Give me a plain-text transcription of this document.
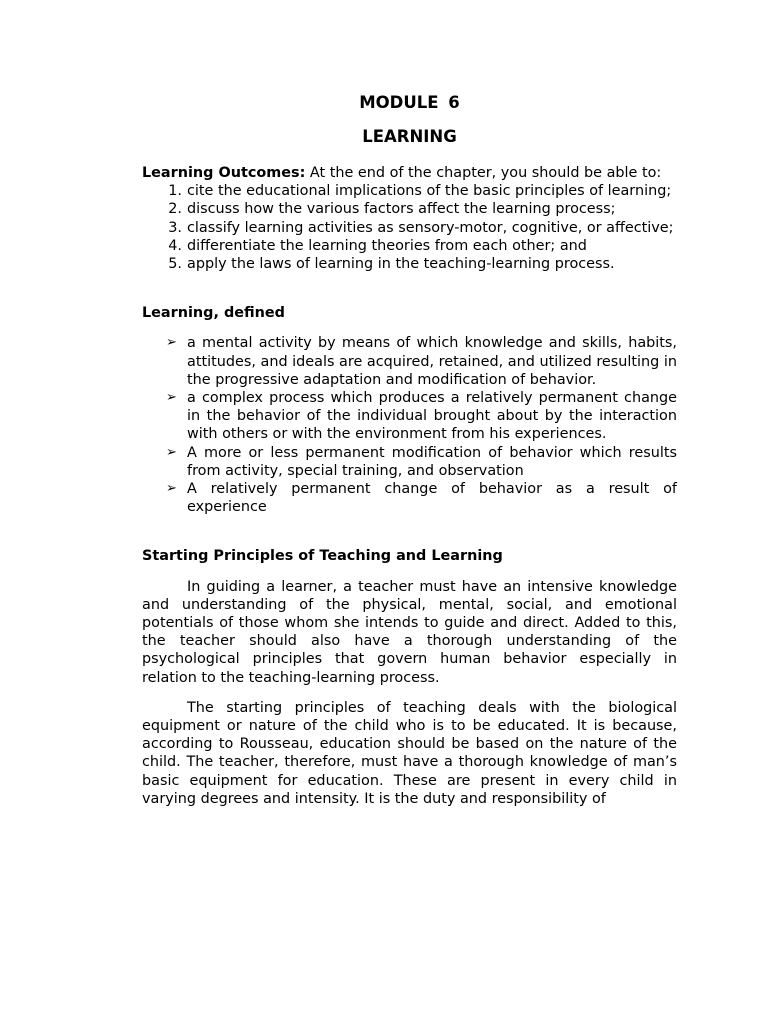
MODULE 6
LEARNING

Learning Outcomes: At the end of the chapter, you should be able to:

1. cite the educational implications of the basic principles of learning;
2. discuss how the various factors affect the learning process;
3. classify learning activities as sensory-motor, cognitive, or affective;
4. differentiate the learning theories from each other; and
5. apply the laws of learning in the teaching-learning process.

Learning, defined

➢ a mental activity by means of which knowledge and skills, habits, attitudes, and ideals are acquired, retained, and utilized resulting in the progressive adaptation and modification of behavior.
➢ a complex process which produces a relatively permanent change in the behavior of the individual brought about by the interaction with others or with the environment from his experiences.
➢ A more or less permanent modification of behavior which results from activity, special training, and observation
➢ A relatively permanent change of behavior as a result of experience

Starting Principles of Teaching and Learning

In guiding a learner, a teacher must have an intensive knowledge and understanding of the physical, mental, social, and emotional potentials of those whom she intends to guide and direct. Added to this, the teacher should also have a thorough understanding of the psychological principles that govern human behavior especially in relation to the teaching-learning process.

The starting principles of teaching deals with the biological equipment or nature of the child who is to be educated. It is because, according to Rousseau, education should be based on the nature of the child. The teacher, therefore, must have a thorough knowledge of man’s basic equipment for education. These are present in every child in varying degrees and intensity. It is the duty and responsibility of
